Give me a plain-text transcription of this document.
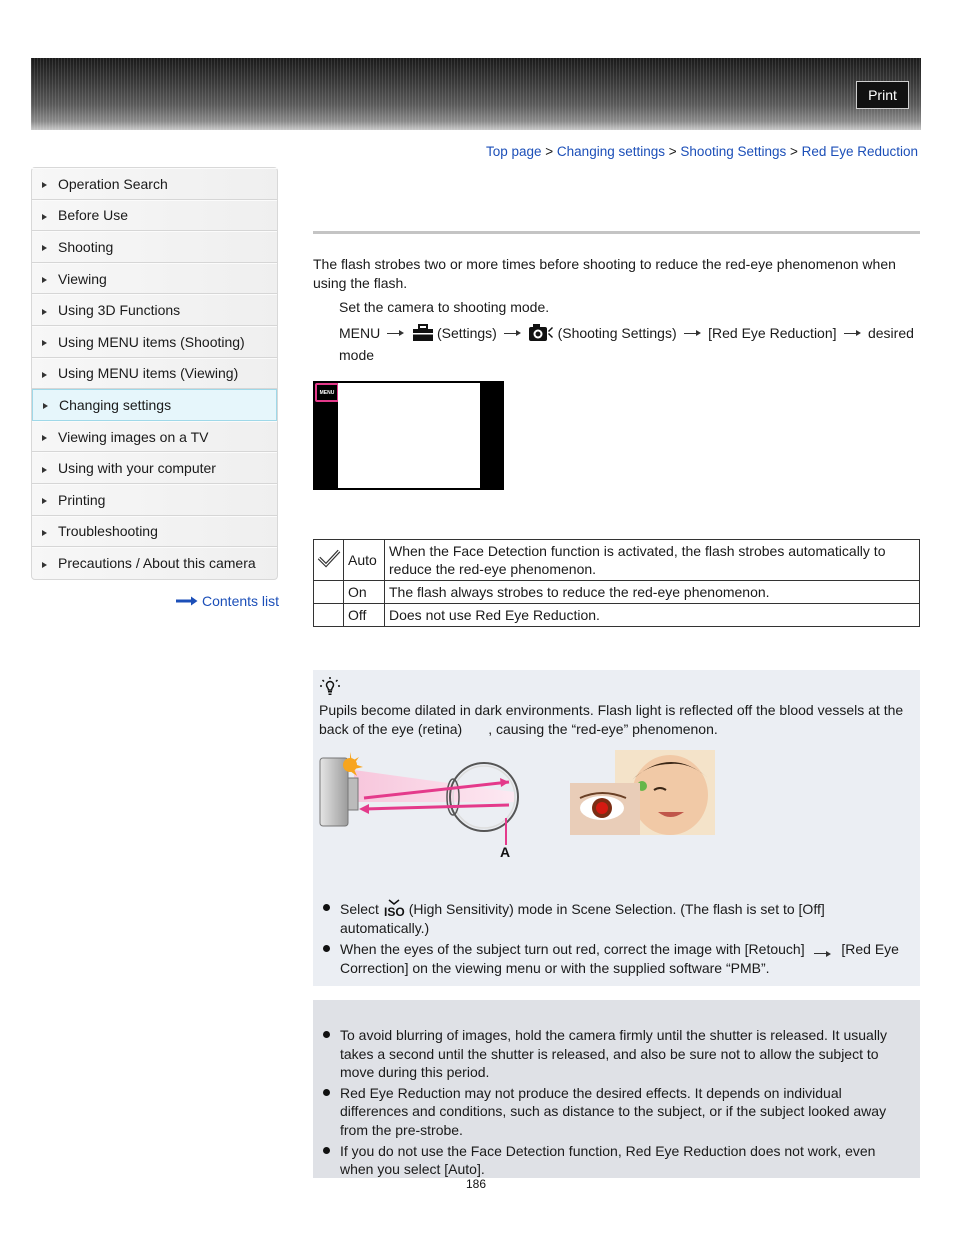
Print
Top page > Changing settings > Shooting Settings > Red Eye Reduction
Operation Search
Before Use
Shooting
Viewing
Using 3D Functions
Using MENU items (Shooting)
Using MENU items (Viewing)
Changing settings
Viewing images on a TV
Using with your computer
Printing
Troubleshooting
Precautions / About this camera
Contents list
The flash strobes two or more times before shooting to reduce the red-eye phenomenon when using the flash.
Set the camera to shooting mode.
MENU	(Settings)	(Shooting Settings) [Red Eye Reduction] desired
mode
MENU
	Auto	When the Face Detection function is activated, the flash strobes automatically to reduce the red-eye phenomenon.
	On	The flash always strobes to reduce the red-eye phenomenon.
	Off	Does not use Red Eye Reduction.
Pupils become dilated in dark environments. Flash light is reflected off the blood vessels at the back of the eye (retina) , causing the “red-eye” phenomenon.
A
Select ISO (High Sensitivity) mode in Scene Selection. (The flash is set to [Off] automatically.)
When the eyes of the subject turn out red, correct the image with [Retouch]	[Red Eye Correction] on the viewing menu or with the supplied software “PMB”.
To avoid blurring of images, hold the camera firmly until the shutter is released. It usually takes a second until the shutter is released, and also be sure not to allow the subject to move during this period.
Red Eye Reduction may not produce the desired effects. It depends on individual differences and conditions, such as distance to the subject, or if the subject looked away from the pre-strobe.
If you do not use the Face Detection function, Red Eye Reduction does not work, even when you select [Auto].
186
